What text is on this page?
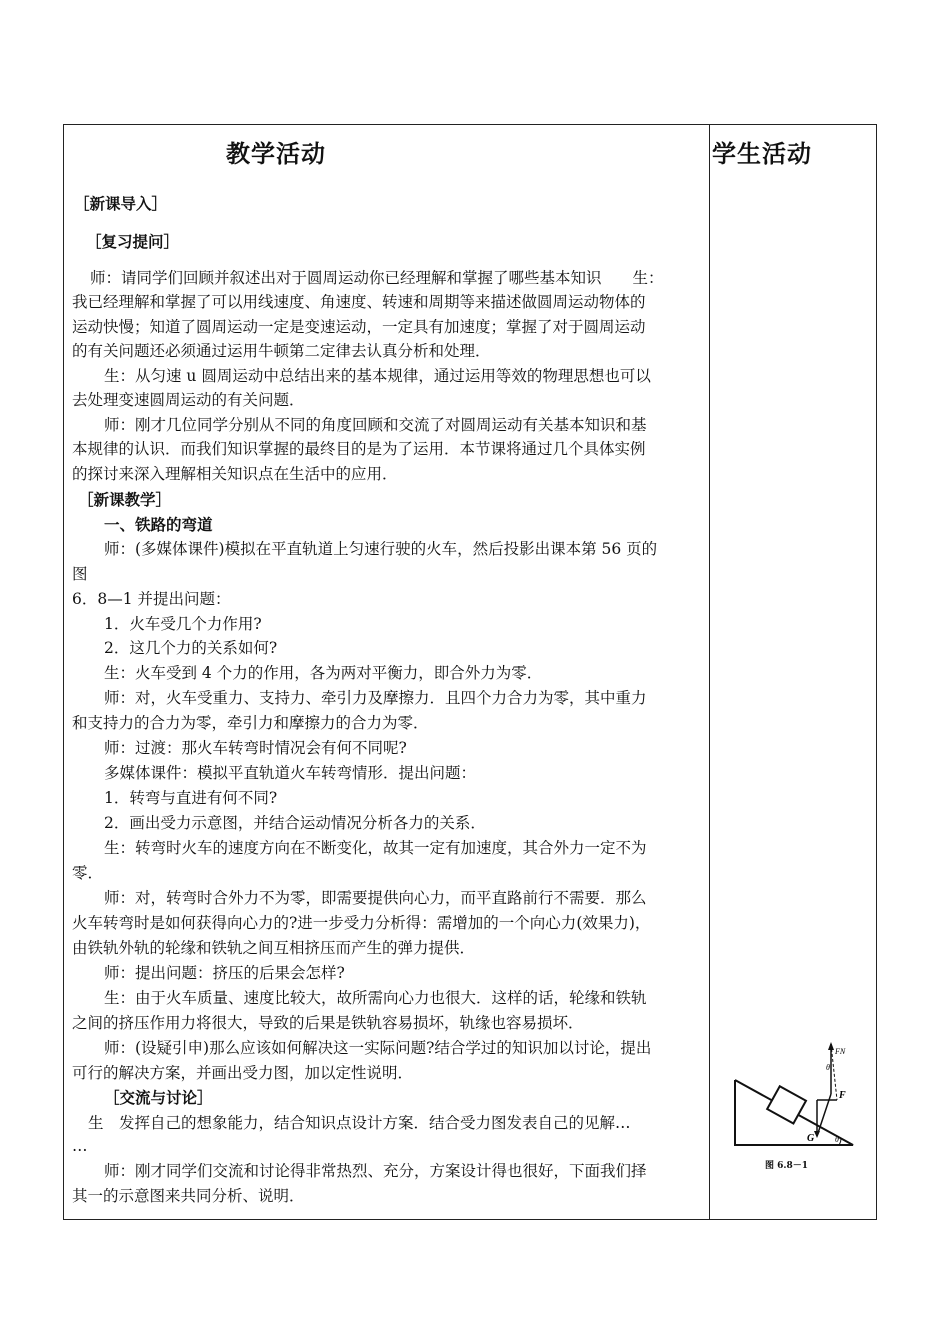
教学活动	学生活动
［新课导入］
［复习提问］
师：请同学们回顾并叙述出对于圆周运动你已经理解和掌握了哪些基本知识　　生：
我已经理解和掌握了可以用线速度、角速度、转速和周期等来描述做圆周运动物体的
运动快慢；知道了圆周运动一定是变速运动，一定具有加速度；掌握了对于圆周运动
的有关问题还必须通过运用牛顿第二定律去认真分析和处理．
生：从匀速 u 圆周运动中总结出来的基本规律，通过运用等效的物理思想也可以
去处理变速圆周运动的有关问题．
师：刚才几位同学分别从不同的角度回顾和交流了对圆周运动有关基本知识和基
本规律的认识．而我们知识掌握的最终目的是为了运用．本节课将通过几个具体实例
的探讨来深入理解相关知识点在生活中的应用．
［新课教学］
一、铁路的弯道
师：(多媒体课件)模拟在平直轨道上匀速行驶的火车，然后投影出课本第 56 页的
图
6．8—1 并提出问题：
1．火车受几个力作用?
2．这几个力的关系如何?
生：火车受到 4 个力的作用，各为两对平衡力，即合外力为零．
师：对，火车受重力、支持力、牵引力及摩擦力．且四个力合力为零，其中重力
和支持力的合力为零，牵引力和摩擦力的合力为零．
师：过渡：那火车转弯时情况会有何不同呢?
多媒体课件：模拟平直轨道火车转弯情形．提出问题：
1．转弯与直进有何不同?
2．画出受力示意图，并结合运动情况分析各力的关系．
生：转弯时火车的速度方向在不断变化，故其一定有加速度，其合外力一定不为
零．
师：对，转弯时合外力不为零，即需要提供向心力，而平直路前行不需要．那么
火车转弯时是如何获得向心力的?进一步受力分析得：需增加的一个向心力(效果力)，
由铁轨外轨的轮缘和铁轨之间互相挤压而产生的弹力提供．
师：提出问题：挤压的后果会怎样?
生：由于火车质量、速度比较大，故所需向心力也很大．这样的话，轮缘和铁轨
之间的挤压作用力将很大，导致的后果是铁轨容易损坏，轨缘也容易损坏．
师：(设疑引申)那么应该如何解决这一实际问题?结合学过的知识加以讨论，提出
可行的解决方案，并画出受力图，加以定性说明．
［交流与讨论］
生　发挥自己的想象能力，结合知识点设计方案．结合受力图发表自己的见解…
…
师：刚才同学们交流和讨论得非常热烈、充分，方案设计得也很好，下面我们择
其一的示意图来共同分析、说明．
FN
F
G
θ
θ
图 6.8－1
